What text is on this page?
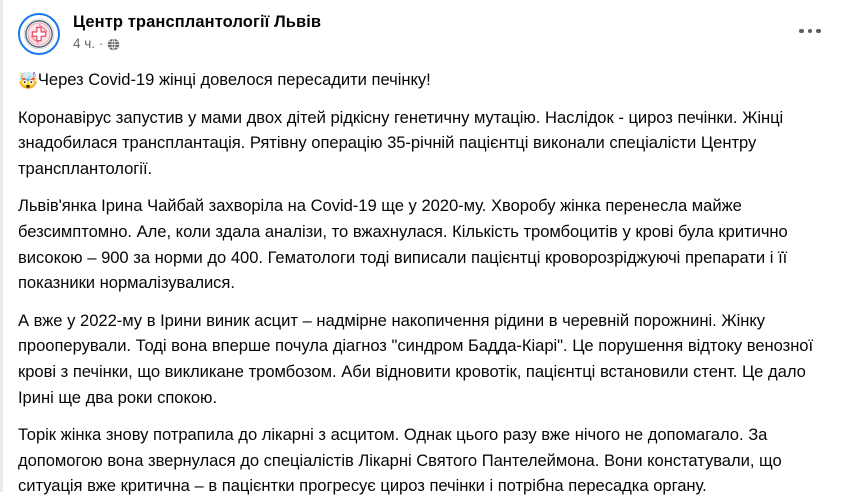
Центр трансплантології Львів
4 ч. ·

🤯Через Covid-19 жінці довелося пересадити печінку!

Коронавірус запустив у мами двох дітей рідкісну генетичну мутацію. Наслідок - цироз печінки. Жінці знадобилася трансплантація. Рятівну операцію 35-річній пацієнтці виконали спеціалісти Центру трансплантології.

Львів'янка Ірина Чайбай захворіла на Covid-19 ще у 2020-му. Хворобу жінка перенесла майже безсимптомно. Але, коли здала аналізи, то вжахнулася. Кількість тромбоцитів у крові була критично високою – 900 за норми до 400. Гематологи тоді виписали пацієнтці кроворозріджуючі препарати і її показники нормалізувалися.

А вже у 2022-му в Ірини виник асцит – надмірне накопичення рідини в черевній порожнині. Жінку прооперували. Тоді вона вперше почула діагноз "синдром Бадда-Кіарі". Це порушення відтоку венозної крові з печінки, що викликане тромбозом. Аби відновити кровотік, пацієнтці встановили стент. Це дало Ірині ще два роки спокою.

Торік жінка знову потрапила до лікарні з асцитом. Однак цього разу вже нічого не допомагало. За допомогою вона звернулася до спеціалістів Лікарні Святого Пантелеймона. Вони констатували, що ситуація вже критична – в пацієнтки прогресує цироз печінки і потрібна пересадка органу.
